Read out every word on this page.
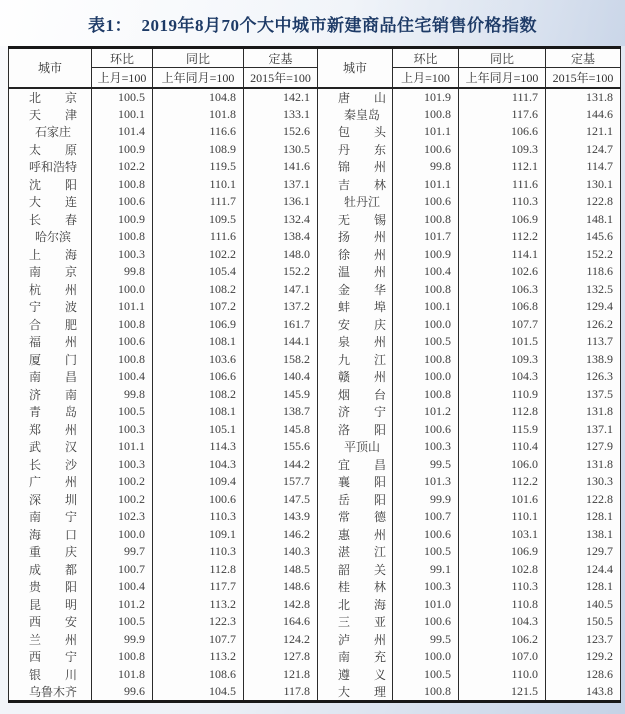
表1：  2019年8月70个大中城市新建商品住宅销售价格指数
城市	环比	同比	定基	城市	环比	同比	定基
	上月=100	上年同月=100	2015年=100		上月=100	上年同月=100	2015年=100
北　　京	100.5	104.8	142.1	唐　　山	101.9	111.7	131.8
天　　津	100.1	101.8	133.1	秦皇岛	100.8	117.6	144.6
石家庄	101.4	116.6	152.6	包　　头	101.1	106.6	121.1
太　　原	100.9	108.9	130.5	丹　　东	100.6	109.3	124.7
呼和浩特	102.2	119.5	141.6	锦　　州	99.8	112.1	114.7
沈　　阳	100.8	110.1	137.1	吉　　林	101.1	111.6	130.1
大　　连	100.6	111.7	136.1	牡丹江	100.6	110.3	122.8
长　　春	100.9	109.5	132.4	无　　锡	100.8	106.9	148.1
哈尔滨	100.8	111.6	138.4	扬　　州	101.7	112.2	145.6
上　　海	100.3	102.2	148.0	徐　　州	100.9	114.1	152.2
南　　京	99.8	105.4	152.2	温　　州	100.4	102.6	118.6
杭　　州	100.0	108.2	147.1	金　　华	100.8	106.3	132.5
宁　　波	101.1	107.2	137.2	蚌　　埠	100.1	106.8	129.4
合　　肥	100.8	106.9	161.7	安　　庆	100.0	107.7	126.2
福　　州	100.6	108.1	144.1	泉　　州	100.5	101.5	113.7
厦　　门	100.8	103.6	158.2	九　　江	100.8	109.3	138.9
南　　昌	100.4	106.6	140.4	赣　　州	100.0	104.3	126.3
济　　南	99.8	108.2	145.9	烟　　台	100.8	110.9	137.5
青　　岛	100.5	108.1	138.7	济　　宁	101.2	112.8	131.8
郑　　州	100.3	105.1	145.8	洛　　阳	100.6	115.9	137.1
武　　汉	101.1	114.3	155.6	平顶山	100.3	110.4	127.9
长　　沙	100.3	104.3	144.2	宜　　昌	99.5	106.0	131.8
广　　州	100.2	109.4	157.7	襄　　阳	101.3	112.2	130.3
深　　圳	100.2	100.6	147.5	岳　　阳	99.9	101.6	122.8
南　　宁	102.3	110.3	143.9	常　　德	100.7	110.1	128.1
海　　口	100.0	109.1	146.2	惠　　州	100.6	103.1	138.1
重　　庆	99.7	110.3	140.3	湛　　江	100.5	106.9	129.7
成　　都	100.7	112.8	148.5	韶　　关	99.1	102.8	124.4
贵　　阳	100.4	117.7	148.6	桂　　林	100.3	110.3	128.1
昆　　明	101.2	113.2	142.8	北　　海	101.0	110.8	140.5
西　　安	100.5	122.3	164.6	三　　亚	100.6	104.3	150.5
兰　　州	99.9	107.7	124.2	泸　　州	99.5	106.2	123.7
西　　宁	100.8	113.2	127.8	南　　充	100.0	107.0	129.2
银　　川	101.8	108.6	121.8	遵　　义	100.5	110.0	128.6
乌鲁木齐	99.6	104.5	117.8	大　　理	100.8	121.5	143.8
